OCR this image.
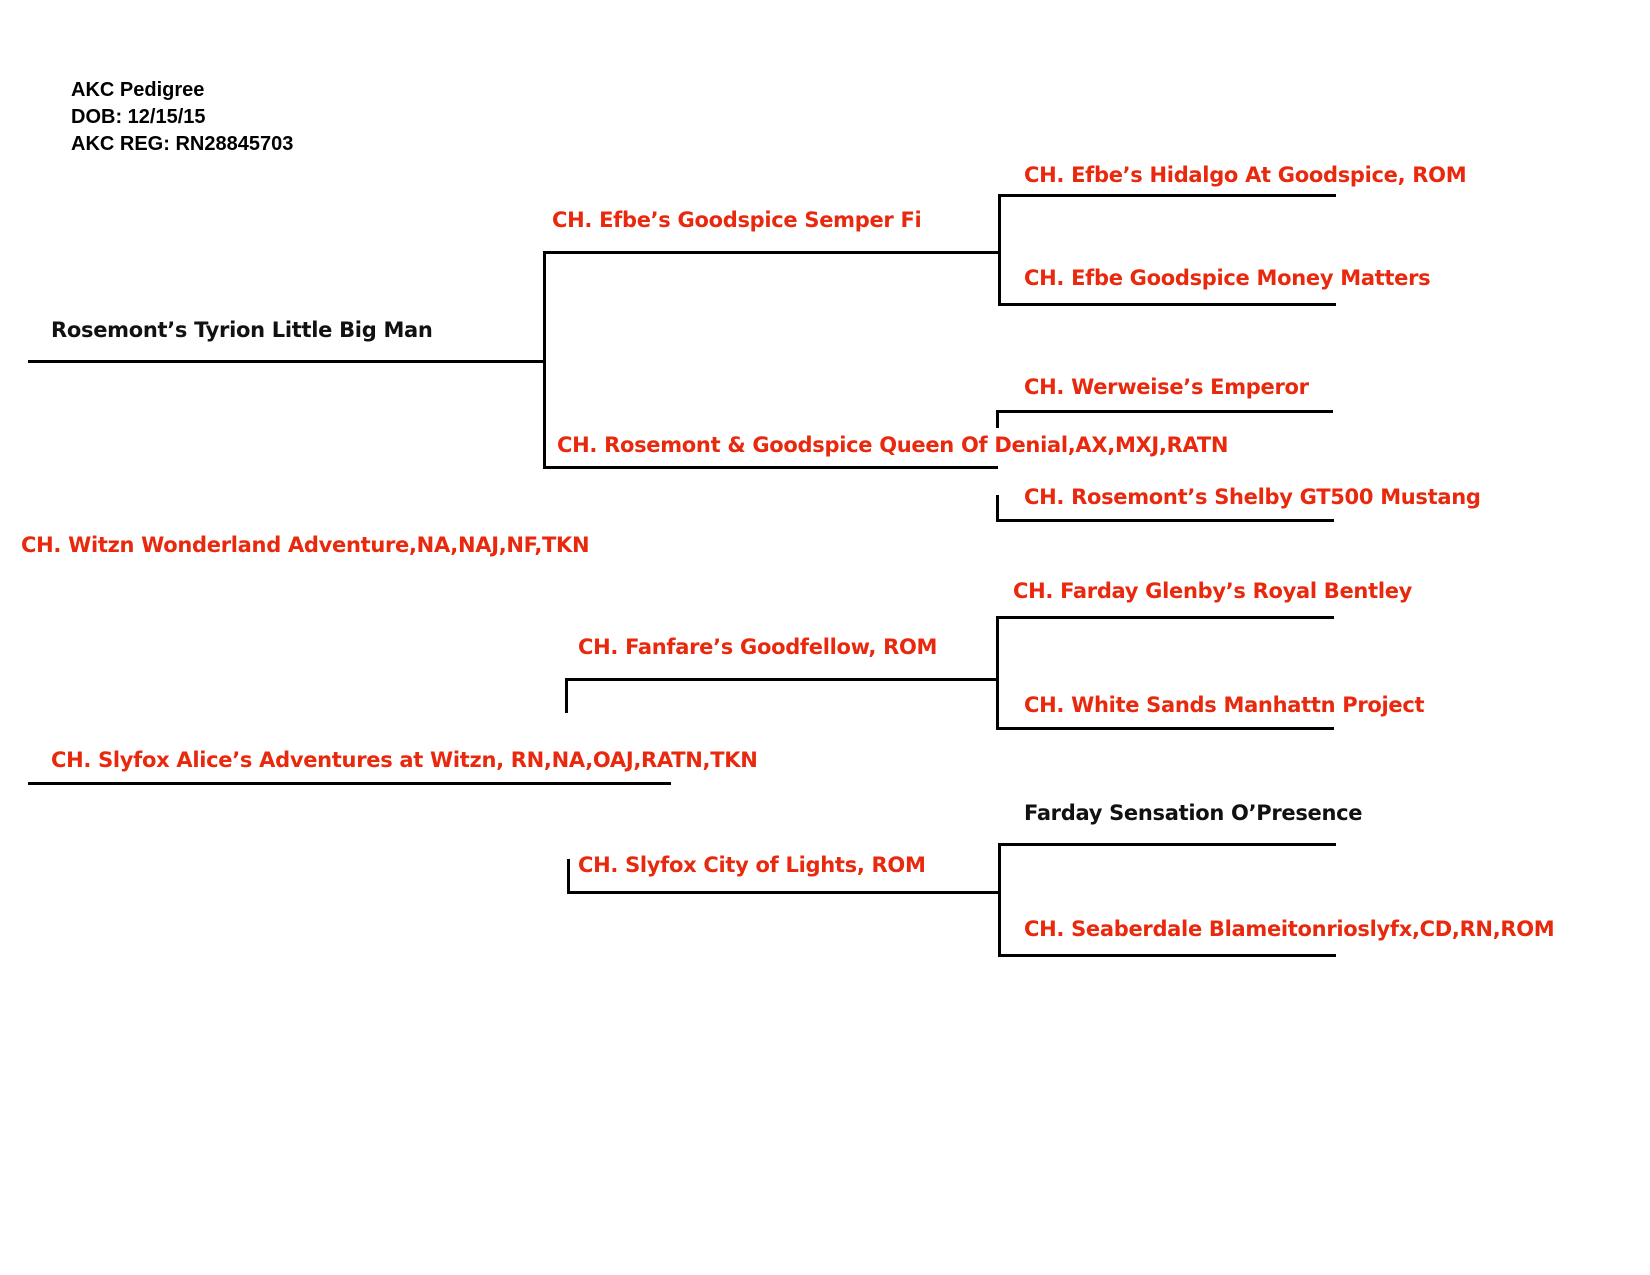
AKC Pedigree
DOB: 12/15/15
AKC REG: RN28845703
Rosemont’s Tyrion Little Big Man
CH. Efbe’s Goodspice Semper Fi
CH. Efbe’s Hidalgo At Goodspice, ROM
CH. Efbe Goodspice Money Matters
CH. Rosemont & Goodspice Queen Of Denial,AX,MXJ,RATN
CH. Werweise’s Emperor
CH. Rosemont’s Shelby GT500 Mustang
CH. Witzn Wonderland Adventure,NA,NAJ,NF,TKN
CH. Farday Glenby’s Royal Bentley
CH. Fanfare’s Goodfellow, ROM
CH. White Sands Manhattn Project
CH. Slyfox Alice’s Adventures at Witzn, RN,NA,OAJ,RATN,TKN
Farday Sensation O’Presence
CH. Slyfox City of Lights, ROM
CH. Seaberdale Blameitonrioslyfx,CD,RN,ROM
